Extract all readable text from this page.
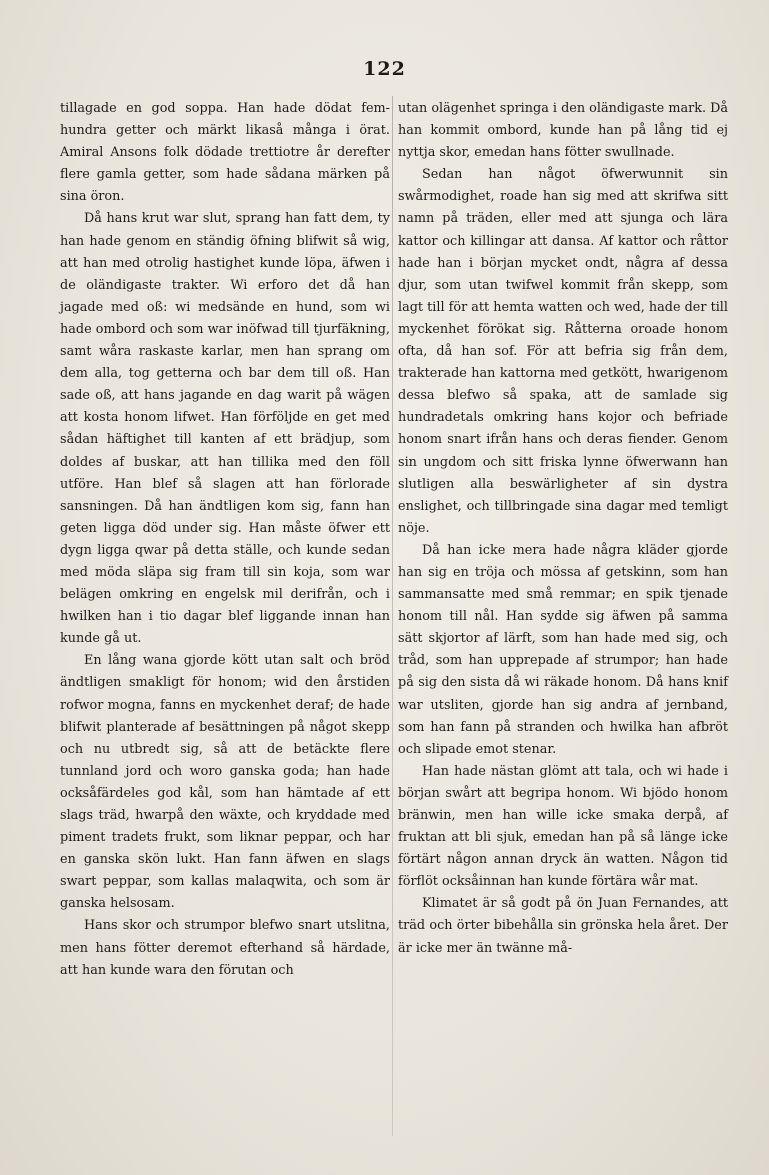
122

tillagade en god soppa. Han hade dödat fem-hundra getter och märkt likaså många i örat. Amiral Ansons folk dödade trettiotre år derefter flere gamla getter, som hade sådana märken på sina öron.

Då hans krut war slut, sprang han fatt dem, ty han hade genom en ständig öfning blifwit så wig, att han med otrolig hastighet kunde löpa, äfwen i de oländigaste trakter. Wi erforo det då han jagade med oß: wi medsände en hund, som wi hade ombord och som war inöfwad till tjurfäkning, samt wåra raskaste karlar, men han sprang om dem alla, tog getterna och bar dem till oß. Han sade oß, att hans jagande en dag warit på wägen att kosta honom lifwet. Han förföljde en get med sådan häftighet till kanten af ett brädjup, som doldes af buskar, att han tillika med den föll utföre. Han blef så slagen att han förlorade sansningen. Då han ändtligen kom sig, fann han geten ligga död under sig. Han måste öfwer ett dygn ligga qwar på detta ställe, och kunde sedan med möda släpa sig fram till sin koja, som war belägen omkring en engelsk mil derifrån, och i hwilken han i tio dagar blef liggande innan han kunde gå ut.

En lång wana gjorde kött utan salt och bröd ändtligen smakligt för honom; wid den årstiden rofwor mogna, fanns en myckenhet deraf; de hade blifwit planterade af besättningen på något skepp och nu utbredt sig, så att de betäckte flere tunnland jord och woro ganska goda; han hade ocksåfärdeles god kål, som han hämtade af ett slags träd, hwarpå den wäxte, och kryddade med piment tradets frukt, som liknar peppar, och har en ganska skön lukt. Han fann äfwen en slags swart peppar, som kallas malaqwita, och som är ganska helsosam.

Hans skor och strumpor blefwo snart utslitna, men hans fötter deremot efterhand så härdade, att han kunde wara den förutan och

utan olägenhet springa i den oländigaste mark. Då han kommit ombord, kunde han på lång tid ej nyttja skor, emedan hans fötter swullnade.

Sedan han något öfwerwunnit sin swårmodighet, roade han sig med att skrifwa sitt namn på träden, eller med att sjunga och lära kattor och killingar att dansa. Af kattor och råttor hade han i början mycket ondt, några af dessa djur, som utan twifwel kommit från skepp, som lagt till för att hemta watten och wed, hade der till myckenhet förökat sig. Råtterna oroade honom ofta, då han sof. För att befria sig från dem, trakterade han kattorna med getkött, hwarigenom dessa blefwo så spaka, att de samlade sig hundradetals omkring hans kojor och befriade honom snart ifrån hans och deras fiender. Genom sin ungdom och sitt friska lynne öfwerwann han slutligen alla beswärligheter af sin dystra enslighet, och tillbringade sina dagar med temligt nöje.

Då han icke mera hade några kläder gjorde han sig en tröja och mössa af getskinn, som han sammansatte med små remmar; en spik tjenade honom till nål. Han sydde sig äfwen på samma sätt skjortor af lärft, som han hade med sig, och tråd, som han upprepade af strumpor; han hade på sig den sista då wi räkade honom. Då hans knif war utsliten, gjorde han sig andra af jernband, som han fann på stranden och hwilka han afbröt och slipade emot stenar.

Han hade nästan glömt att tala, och wi hade i början swårt att begripa honom. Wi bjödo honom bränwin, men han wille icke smaka derpå, af fruktan att bli sjuk, emedan han på så länge icke förtärt någon annan dryck än watten. Någon tid förflöt ocksåinnan han kunde förtära wår mat.

Klimatet är så godt på ön Juan Fernandes, att träd och örter bibehålla sin grönska hela året. Der är icke mer än twänne må-
